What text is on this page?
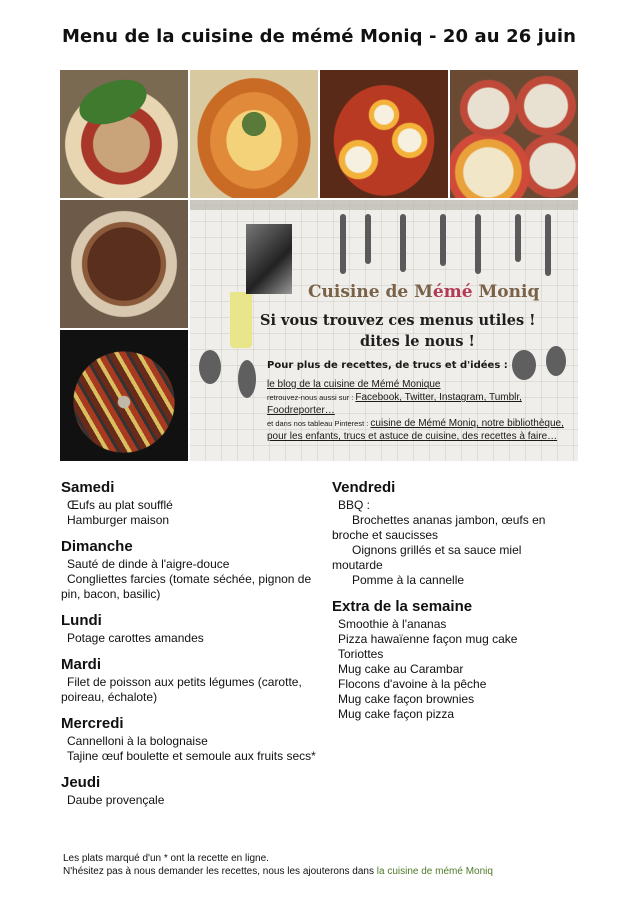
Menu de la cuisine de mémé Moniq - 20 au 26 juin
Cuisine de Mémé Moniq
Si vous trouvez ces menus utiles !
dites le nous !
Pour plus de recettes, de trucs et d'idées :
le blog de la cuisine de Mémé Monique
retrouvez-nous aussi sur : Facebook, Twitter, Instagram, Tumblr, Foodreporter…
et dans nos tableau Pinterest : cuisine de Mémé Moniq, notre bibliothèque, pour les enfants, trucs et astuce de cuisine, des recettes à faire…

Samedi

Œufs au plat soufflé

Hamburger maison

Dimanche

Sauté de dinde à l'aigre-douce

Congliettes farcies (tomate séchée, pignon de pin, bacon, basilic)

Lundi

Potage carottes amandes

Mardi

Filet de poisson aux petits légumes (carotte, poireau, échalote)

Mercredi

Cannelloni à la bolognaise

Tajine œuf boulette et semoule aux fruits secs*

Jeudi

Daube provençale

Vendredi

BBQ :

Brochettes ananas jambon, œufs en broche et saucisses

Oignons grillés et sa sauce miel moutarde

Pomme à la cannelle

Extra de la semaine

Smoothie à l'ananas

Pizza hawaïenne façon mug cake

Toriottes

Mug cake au Carambar

Flocons d'avoine à la pêche

Mug cake façon brownies

Mug cake façon pizza

Les plats marqué d'un * ont la recette en ligne.
N'hésitez pas à nous demander les recettes, nous les ajouterons dans la cuisine de mémé Moniq
